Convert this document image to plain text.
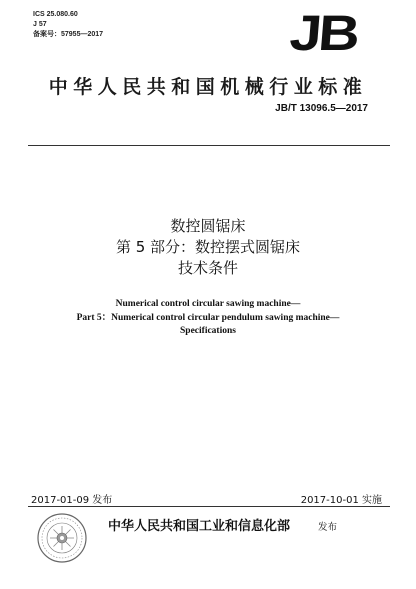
ICS 25.080.60
J 57
备案号：57955—2017	JB
中华人民共和国机械行业标准
JB/T 13096.5—2017
数控圆锯床
第 5 部分：数控摆式圆锯床
技术条件
Numerical control circular sawing machine—
Part 5：Numerical control circular pendulum sawing machine—
Specifications
2017-01-09 发布	2017-10-01 实施
中华人民共和国工业和信息化部	发布
